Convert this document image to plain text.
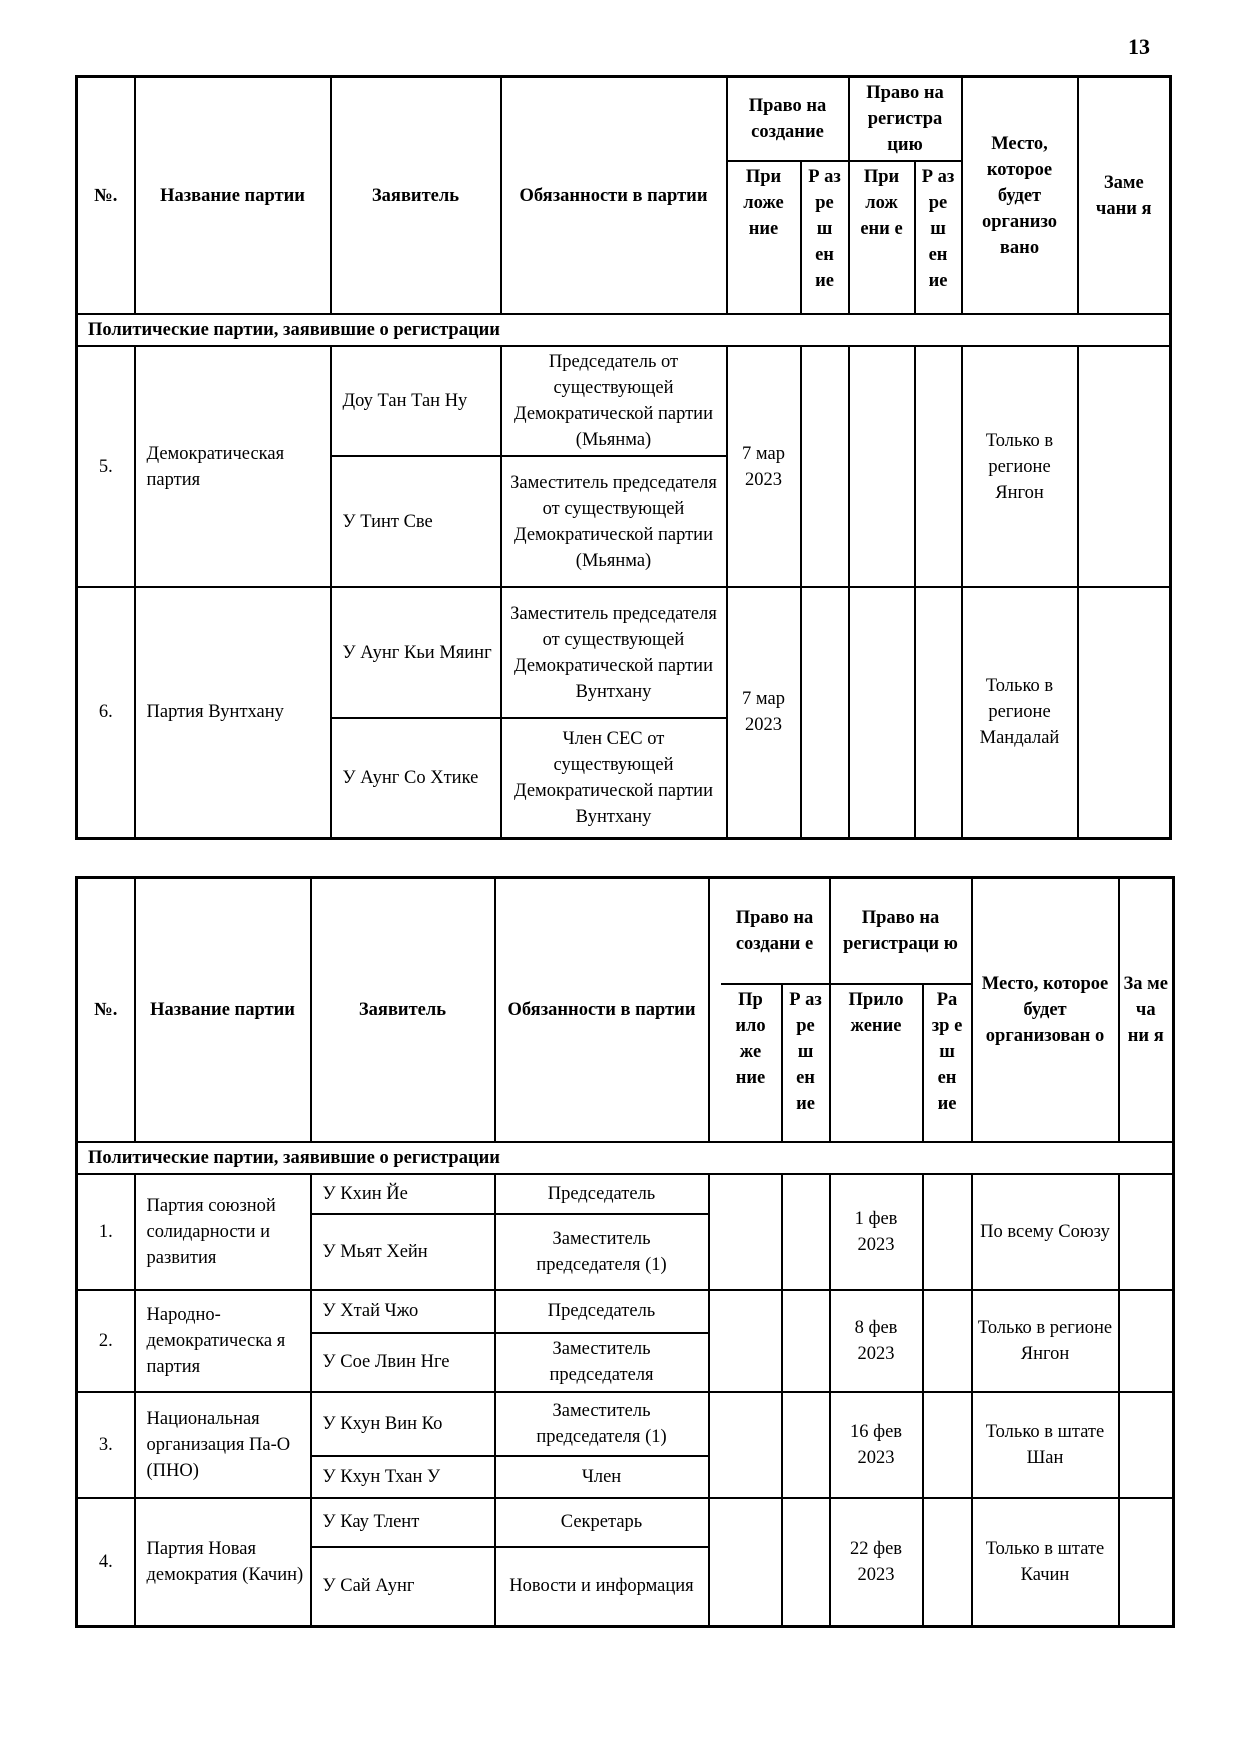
13
№.	Название партии	Заявитель	Обязанности в партии	Право на создание		Право на регистра цию		Место, которое будет организо вано	Заме чани я
				При ложе ние	Р аз ре ш ен ие	При лож ени е	Р аз ре ш ен ие		
Политические партии, заявившие о регистрации									
5.	Демократическая партия	Доу Тан Тан Ну	Председатель от существующей Демократической партии (Мьянма)	7 мар 2023				Только в регионе Янгон	
		У Тинт Све	Заместитель председателя от существующей Демократической партии (Мьянма)						
6.	Партия Вунтхану	У Аунг Кьи Мяинг	Заместитель председателя от существующей Демократической партии Вунтхану	7 мар 2023				Только в регионе Мандалай	
		У Аунг Со Хтике	Член СЕС от существующей Демократической партии Вунтхану						
№.	Название партии	Заявитель	Обязанности в партии		Право на создани е		Право на регистраци ю		Место, которое будет организован о	За ме ча ни я
					Пр ило же ние	Р аз ре ш ен ие	Прило жение	Ра зр е ш ен ие		
Политические партии, заявившие о регистрации										
1.	Партия союзной солидарности и развития	У Кхин Йе	Председатель				1 фев 2023		По всему Союзу	
		У Мьят Хейн	Заместитель председателя (1)							
2.	Народно-демократическа я партия	У Хтай Чжо	Председатель				8 фев 2023		Только в регионе Янгон	
		У Сое Лвин Нге	Заместитель председателя							
3.	Национальная организация Па-О (ПНО)	У Кхун Вин Ко	Заместитель председателя (1)				16 фев 2023		Только в штате Шан	
		У Кхун Тхан У	Член							
4.	Партия Новая демократия (Качин)	У Кау Тлент	Секретарь				22 фев 2023		Только в штате Качин	
		У Сай Аунг	Новости и информация							
